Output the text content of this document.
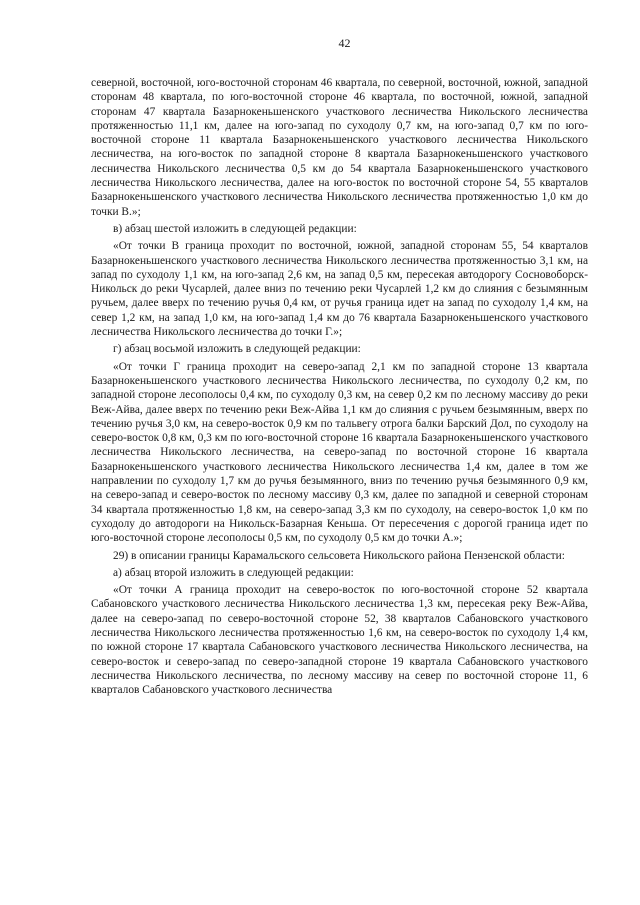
42

северной, восточной, юго-восточной сторонам 46 квартала, по северной, восточной, южной, западной сторонам 48 квартала, по юго-восточной стороне 46 квартала, по восточной, южной, западной сторонам 47 квартала Базарнокеньшенского участкового лесничества Никольского лесничества протяженностью 11,1 км, далее на юго-запад по суходолу 0,7 км, на юго-запад 0,7 км по юго-восточной стороне 11 квартала Базарнокеньшенского участкового лесничества Никольского лесничества, на юго-восток по западной стороне 8 квартала Базарнокеньшенского участкового лесничества Никольского лесничества 0,5 км до 54 квартала Базарнокеньшенского участкового лесничества Никольского лесничества, далее на юго-восток по восточной стороне 54, 55 кварталов Базарнокеньшенского участкового лесничества Никольского лесничества протяженностью 1,0 км до точки В.»;

в) абзац шестой изложить в следующей редакции:

«От точки В граница проходит по восточной, южной, западной сторонам 55, 54 кварталов Базарнокеньшенского участкового лесничества Никольского лесничества протяженностью 3,1 км, на запад по суходолу 1,1 км, на юго-запад 2,6 км, на запад 0,5 км, пересекая автодорогу Сосновоборск-Никольск до реки Чусарлей, далее вниз по течению реки Чусарлей 1,2 км до слияния с безымянным ручьем, далее вверх по течению ручья 0,4 км, от ручья граница идет на запад по суходолу 1,4 км, на север 1,2 км, на запад 1,0 км, на юго-запад 1,4 км до 76 квартала Базарнокеньшенского участкового лесничества Никольского лесничества до точки Г.»;

г) абзац восьмой изложить в следующей редакции:

«От точки Г граница проходит на северо-запад 2,1 км по западной стороне 13 квартала Базарнокеньшенского участкового лесничества Никольского лесничества, по суходолу 0,2 км, по западной стороне лесополосы 0,4 км, по суходолу 0,3 км, на север 0,2 км по лесному массиву до реки Веж-Айва, далее вверх по течению реки Веж-Айва 1,1 км до слияния с ручьем безымянным, вверх по течению ручья 3,0 км, на северо-восток 0,9 км по тальвегу отрога балки Барский Дол, по суходолу на северо-восток 0,8 км, 0,3 км по юго-восточной стороне 16 квартала Базарнокеньшенского участкового лесничества Никольского лесничества, на северо-запад по восточной стороне 16 квартала Базарнокеньшенского участкового лесничества Никольского лесничества 1,4 км, далее в том же направлении по суходолу 1,7 км до ручья безымянного, вниз по течению ручья безымянного 0,9 км, на северо-запад и северо-восток по лесному массиву 0,3 км, далее по западной и северной сторонам 34 квартала протяженностью 1,8 км, на северо-запад 3,3 км по суходолу, на северо-восток 1,0 км по суходолу до автодороги на Никольск-Базарная Кеньша. От пересечения с дорогой граница идет по юго-восточной стороне лесополосы 0,5 км, по суходолу 0,5 км до точки А.»;

29) в описании границы Карамальского сельсовета Никольского района Пензенской области:

а) абзац второй изложить в следующей редакции:

«От точки А граница проходит на северо-восток по юго-восточной стороне 52 квартала Сабановского участкового лесничества Никольского лесничества 1,3 км, пересекая реку Веж-Айва, далее на северо-запад по северо-восточной стороне 52, 38 кварталов Сабановского участкового лесничества Никольского лесничества протяженностью 1,6 км, на северо-восток по суходолу 1,4 км, по южной стороне 17 квартала Сабановского участкового лесничества Никольского лесничества, на северо-восток и северо-запад по северо-западной стороне 19 квартала Сабановского участкового лесничества Никольского лесничества, по лесному массиву на север по восточной стороне 11, 6 кварталов Сабановского участкового лесничества
